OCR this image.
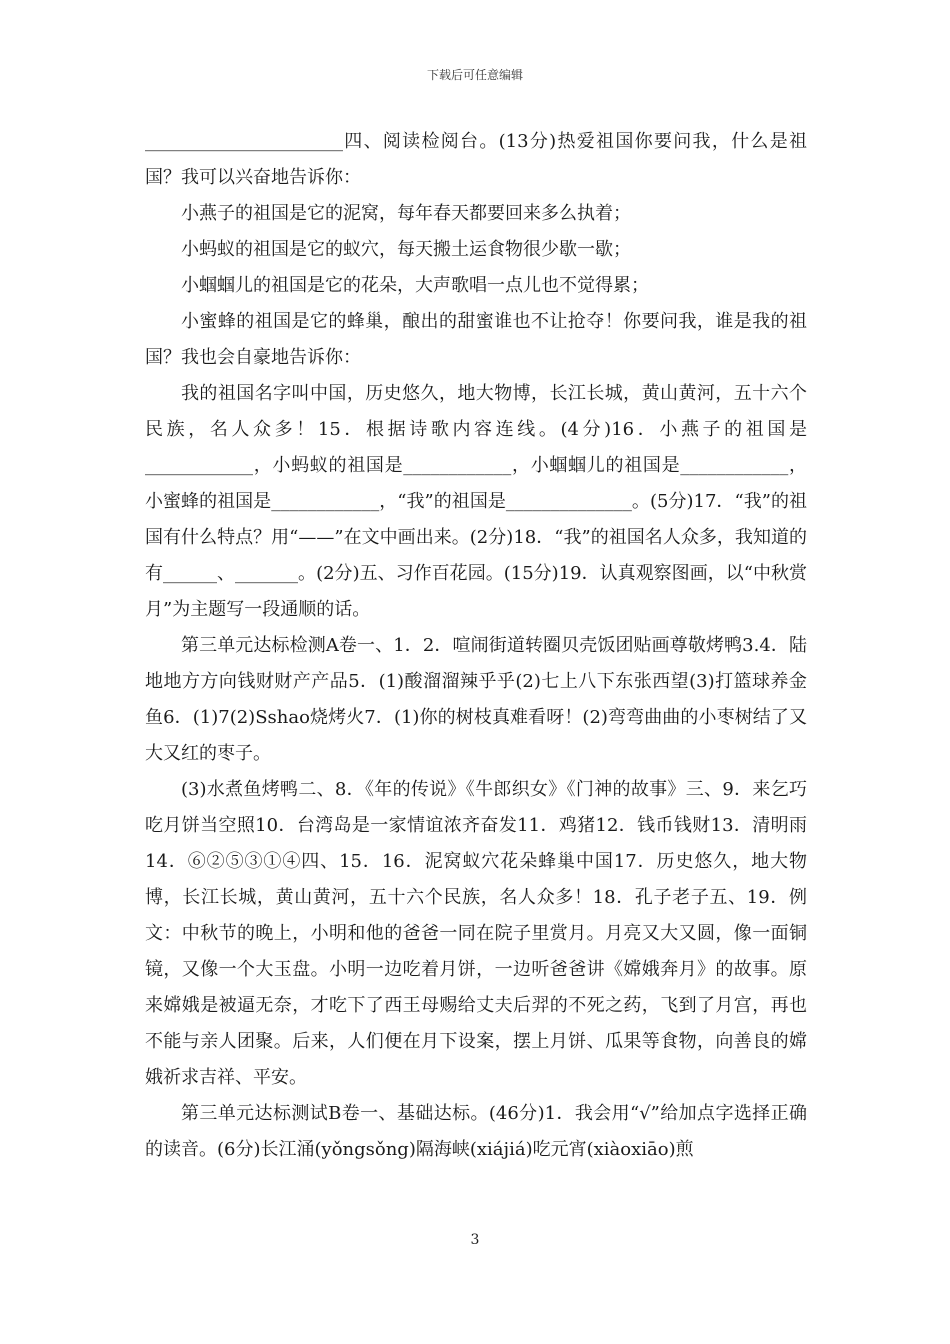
下载后可任意编辑

______________________四、阅读检阅台。(13分)热爱祖国你要问我，什么是祖国？我可以兴奋地告诉你：

小燕子的祖国是它的泥窝，每年春天都要回来多么执着；

小蚂蚁的祖国是它的蚁穴，每天搬土运食物很少歇一歇；

小蝈蝈儿的祖国是它的花朵，大声歌唱一点儿也不觉得累；

小蜜蜂的祖国是它的蜂巢，酿出的甜蜜谁也不让抢夺！你要问我，谁是我的祖国？我也会自豪地告诉你：

我的祖国名字叫中国，历史悠久，地大物博，长江长城，黄山黄河，五十六个民族，名人众多！15．根据诗歌内容连线。(4分)16．小燕子的祖国是____________，小蚂蚁的祖国是____________，小蝈蝈儿的祖国是____________，小蜜蜂的祖国是____________，“我”的祖国是______________。(5分)17．“我”的祖国有什么特点？用“——”在文中画出来。(2分)18．“我”的祖国名人众多，我知道的有______、_______。(2分)五、习作百花园。(15分)19．认真观察图画，以“中秋赏月”为主题写一段通顺的话。

第三单元达标检测A卷一、1．2．喧闹街道转圈贝壳饭团贴画尊敬烤鸭3.4．陆地地方方向钱财财产产品5．(1)酸溜溜辣乎乎(2)七上八下东张西望(3)打篮球养金鱼6．(1)7(2)Sshao烧烤火7．(1)你的树枝真难看呀！(2)弯弯曲曲的小枣树结了又大又红的枣子。

(3)水煮鱼烤鸭二、8．《年的传说》《牛郎织女》《门神的故事》三、9．来乞巧吃月饼当空照10．台湾岛是一家情谊浓齐奋发11．鸡猪12．钱币钱财13．清明雨14．⑥②⑤③①④四、15．16．泥窝蚁穴花朵蜂巢中国17．历史悠久，地大物博，长江长城，黄山黄河，五十六个民族，名人众多！18．孔子老子五、19．例文：中秋节的晚上，小明和他的爸爸一同在院子里赏月。月亮又大又圆，像一面铜镜，又像一个大玉盘。小明一边吃着月饼，一边听爸爸讲《嫦娥奔月》的故事。原来嫦娥是被逼无奈，才吃下了西王母赐给丈夫后羿的不死之药，飞到了月宫，再也不能与亲人团聚。后来，人们便在月下设案，摆上月饼、瓜果等食物，向善良的嫦娥祈求吉祥、平安。

第三单元达标测试B卷一、基础达标。(46分)1．我会用“√”给加点字选择正确的读音。(6分)长江涌(yǒngsǒng)隔海峡(xiájiá)吃元宵(xiàoxiāo)煎

3
